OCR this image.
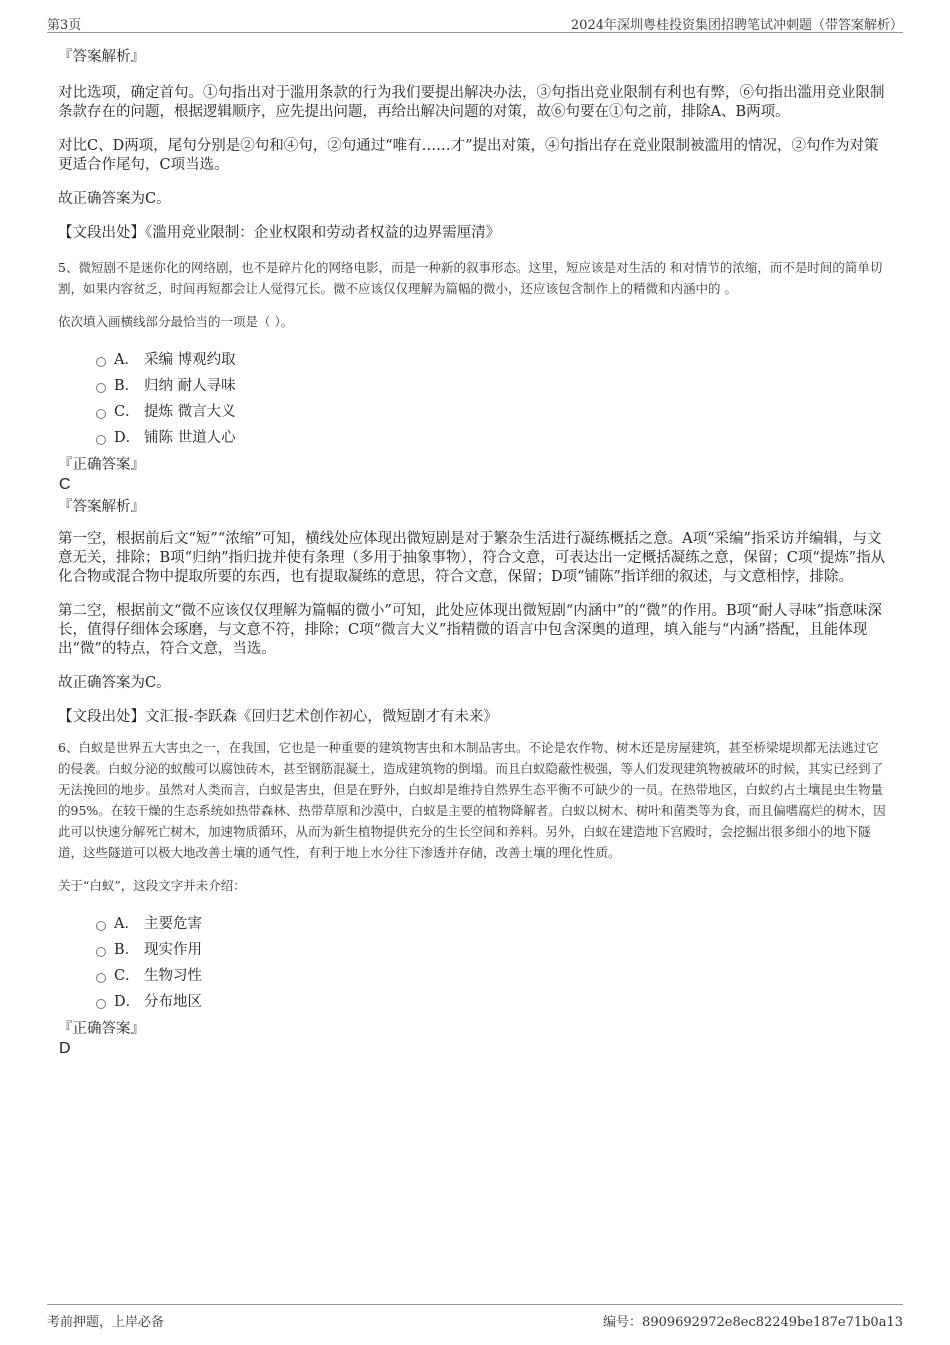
第3页	2024年深圳粤桂投资集团招聘笔试冲刺题（带答案解析）
『答案解析』

对比选项，确定首句。①句指出对于滥用条款的行为我们要提出解决办法，③句指出竞业限制有利也有弊，⑥句指出滥用竞业限制条款存在的问题，根据逻辑顺序，应先提出问题，再给出解决问题的对策，故⑥句要在①句之前，排除A、B两项。

对比C、D两项，尾句分别是②句和④句，②句通过“唯有……才”提出对策，④句指出存在竞业限制被滥用的情况，②句作为对策更适合作尾句，C项当选。

故正确答案为C。

【文段出处】《滥用竞业限制：企业权限和劳动者权益的边界需厘清》

5、微短剧不是迷你化的网络剧，也不是碎片化的网络电影，而是一种新的叙事形态。这里，短应该是对生活的 和对情节的浓缩，而不是时间的简单切割，如果内容贫乏，时间再短都会让人觉得冗长。微不应该仅仅理解为篇幅的微小，还应该包含制作上的精微和内涵中的 。

依次填入画横线部分最恰当的一项是（ ）。

A． 采编 博观约取
B． 归纳 耐人寻味
C． 提炼 微言大义
D． 铺陈 世道人心
『正确答案』
C
『答案解析』

第一空，根据前后文“短”“浓缩”可知，横线处应体现出微短剧是对于繁杂生活进行凝练概括之意。A项“采编”指采访并编辑，与文意无关，排除；B项“归纳”指归拢并使有条理（多用于抽象事物），符合文意，可表达出一定概括凝练之意，保留；C项“提炼”指从化合物或混合物中提取所要的东西，也有提取凝练的意思，符合文意，保留；D项“铺陈”指详细的叙述，与文意相悖，排除。

第二空，根据前文“微不应该仅仅理解为篇幅的微小”可知，此处应体现出微短剧“内涵中”的“微”的作用。B项“耐人寻味”指意味深长，值得仔细体会琢磨，与文意不符，排除；C项“微言大义”指精微的语言中包含深奥的道理，填入能与“内涵”搭配，且能体现出“微”的特点，符合文意，当选。

故正确答案为C。

【文段出处】文汇报-李跃森《回归艺术创作初心，微短剧才有未来》

6、白蚁是世界五大害虫之一，在我国，它也是一种重要的建筑物害虫和木制品害虫。不论是农作物、树木还是房屋建筑，甚至桥梁堤坝都无法逃过它的侵袭。白蚁分泌的蚁酸可以腐蚀砖木，甚至钢筋混凝土，造成建筑物的倒塌。而且白蚁隐蔽性极强，等人们发现建筑物被破坏的时候，其实已经到了无法挽回的地步。虽然对人类而言，白蚁是害虫，但是在野外，白蚁却是维持自然界生态平衡不可缺少的一员。在热带地区，白蚁约占土壤昆虫生物量的95%。在较干燥的生态系统如热带森林、热带草原和沙漠中，白蚁是主要的植物降解者。白蚁以树木、树叶和菌类等为食，而且偏嗜腐烂的树木，因此可以快速分解死亡树木，加速物质循环，从而为新生植物提供充分的生长空间和养料。另外，白蚁在建造地下宫殿时，会挖掘出很多细小的地下隧道，这些隧道可以极大地改善土壤的通气性，有利于地上水分往下渗透并存储，改善土壤的理化性质。

关于“白蚁”，这段文字并未介绍：

A． 主要危害
B． 现实作用
C． 生物习性
D． 分布地区
『正确答案』
D
考前押题，上岸必备	编号：8909692972e8ec82249be187e71b0a13
